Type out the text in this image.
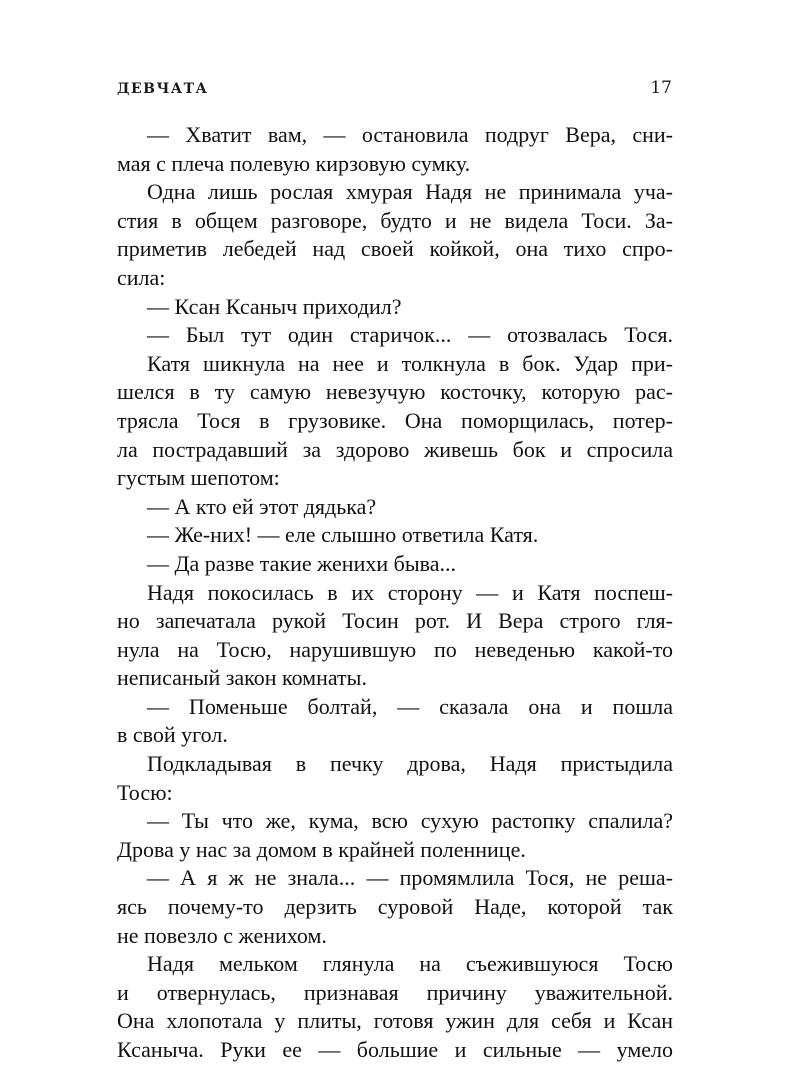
ДЕВЧАТА	17
— Хватит вам, — остановила подруг Вера, сни-
мая с плеча полевую кирзовую сумку.
Одна лишь рослая хмурая Надя не принимала уча-
стия в общем разговоре, будто и не видела Тоси. За-
приметив лебедей над своей койкой, она тихо спро-
сила:
— Ксан Ксаныч приходил?
— Был тут один старичок... — отозвалась Тося.
Катя шикнула на нее и толкнула в бок. Удар при-
шелся в ту самую невезучую косточку, которую рас-
трясла Тося в грузовике. Она поморщилась, потер-
ла пострадавший за здорово живешь бок и спросила
густым шепотом:
— А кто ей этот дядька?
— Же-них! — еле слышно ответила Катя.
— Да разве такие женихи быва...
Надя покосилась в их сторону — и Катя поспеш-
но запечатала рукой Тосин рот. И Вера строго гля-
нула на Тосю, нарушившую по неведенью какой-то
неписаный закон комнаты.
— Поменьше болтай, — сказала она и пошла
в свой угол.
Подкладывая в печку дрова, Надя пристыдила
Тосю:
— Ты что же, кума, всю сухую растопку спалила?
Дрова у нас за домом в крайней поленнице.
— А я ж не знала... — промямлила Тося, не реша-
ясь почему-то дерзить суровой Наде, которой так
не повезло с женихом.
Надя мельком глянула на съежившуюся Тосю
и отвернулась, признавая причину уважительной.
Она хлопотала у плиты, готовя ужин для себя и Ксан
Ксаныча. Руки ее — большие и сильные — умело
